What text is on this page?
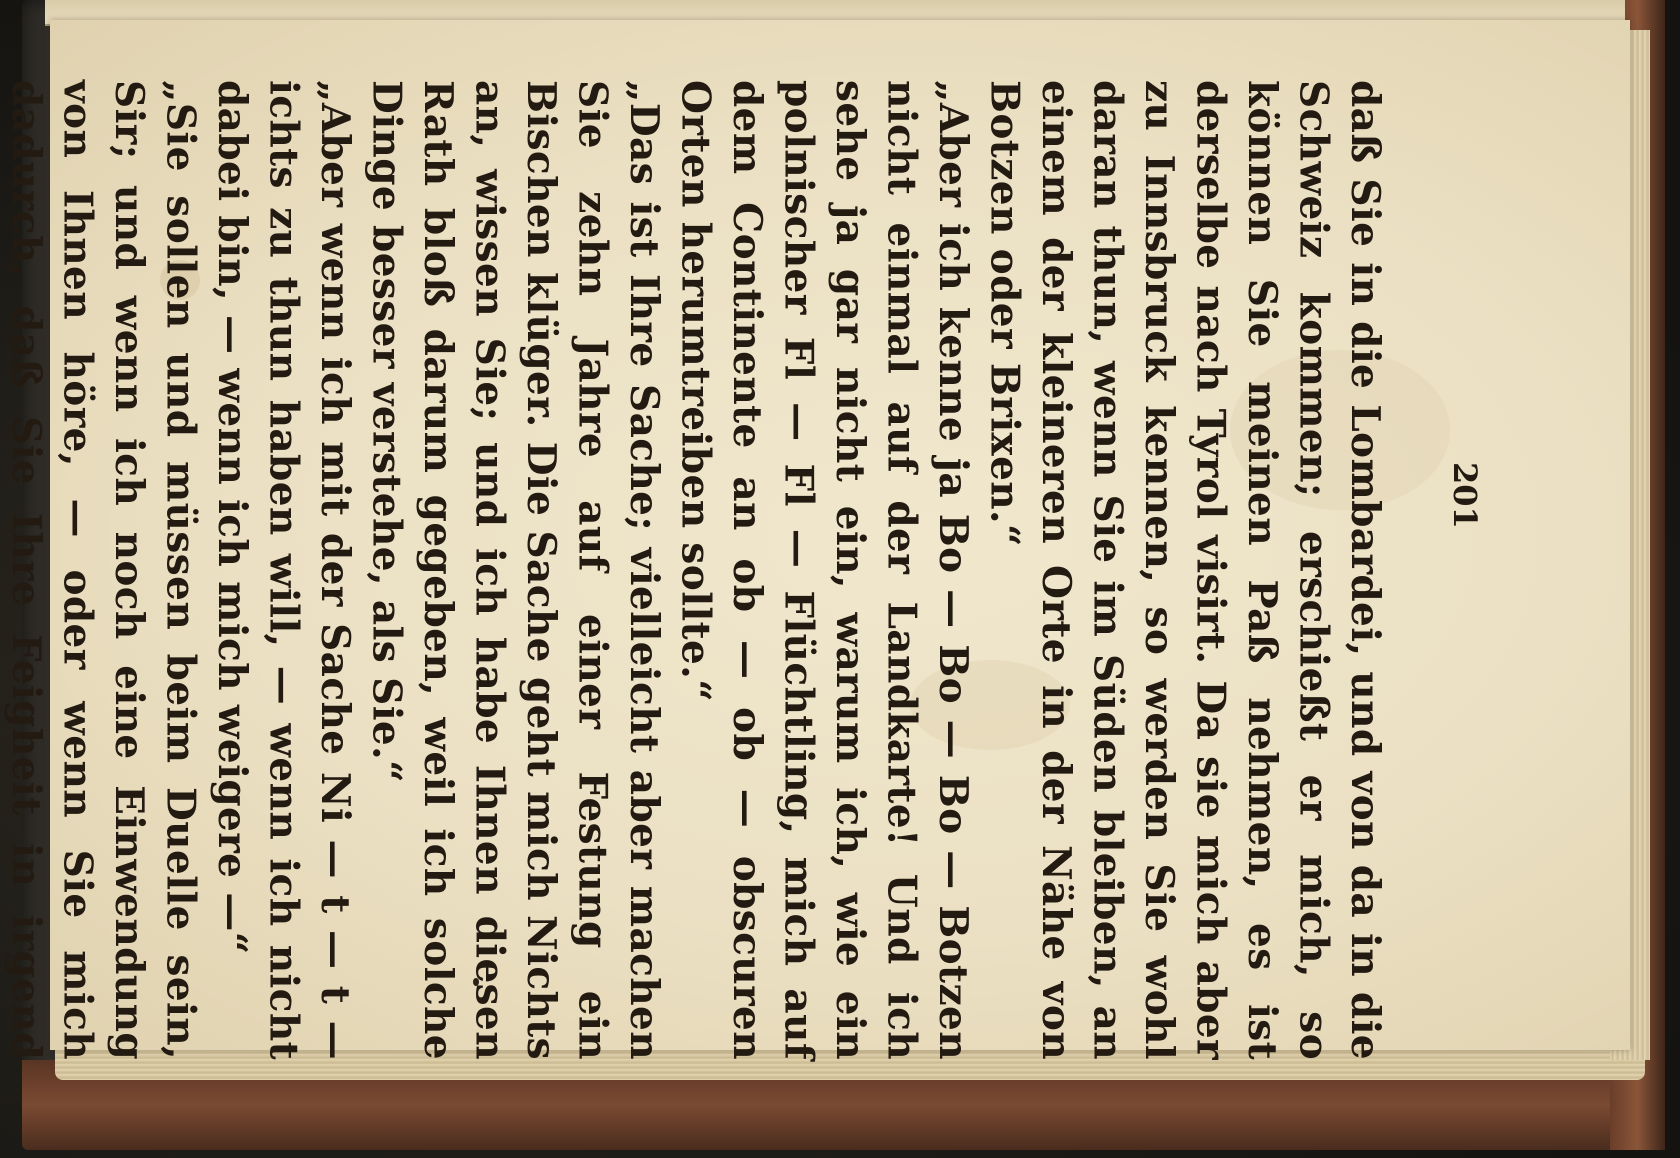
201

daß Sie in die Lombardei, und von da in die Schweiz kommen; erschießt er mich, so können Sie meinen Paß nehmen, es ist derselbe nach Tyrol visirt. Da sie mich aber zu Innsbruck kennen, so werden Sie wohl daran thun, wenn Sie im Süden bleiben, an einem der kleineren Orte in der Nähe von Botzen oder Brixen.“

„Aber ich kenne ja Bo — Bo — Bo — Botzen nicht einmal auf der Landkarte! Und ich sehe ja gar nicht ein, warum ich, wie ein polnischer Fl — Fl — Flüchtling, mich auf dem Continente an ob — ob — obscuren Orten herumtreiben sollte.“

„Das ist Ihre Sache; vielleicht aber machen Sie zehn Jahre auf einer Festung ein Bischen klüger. Die Sache geht mich Nichts an, wissen Sie; und ich habe Ihnen diesen Rath bloß darum gegeben, weil ich solche Dinge besser verstehe, als Sie.“

„Aber wenn ich mit der Sache Ni — t — t — ichts zu thun haben will, — wenn ich nicht dabei bin, — wenn ich mich weigere —“

„Sie sollen und müssen beim Duelle sein, Sir; und wenn ich noch eine Einwendung von Ihnen höre, — oder wenn Sie mich dadurch, daß Sie Ihre Feigheit in irgend
